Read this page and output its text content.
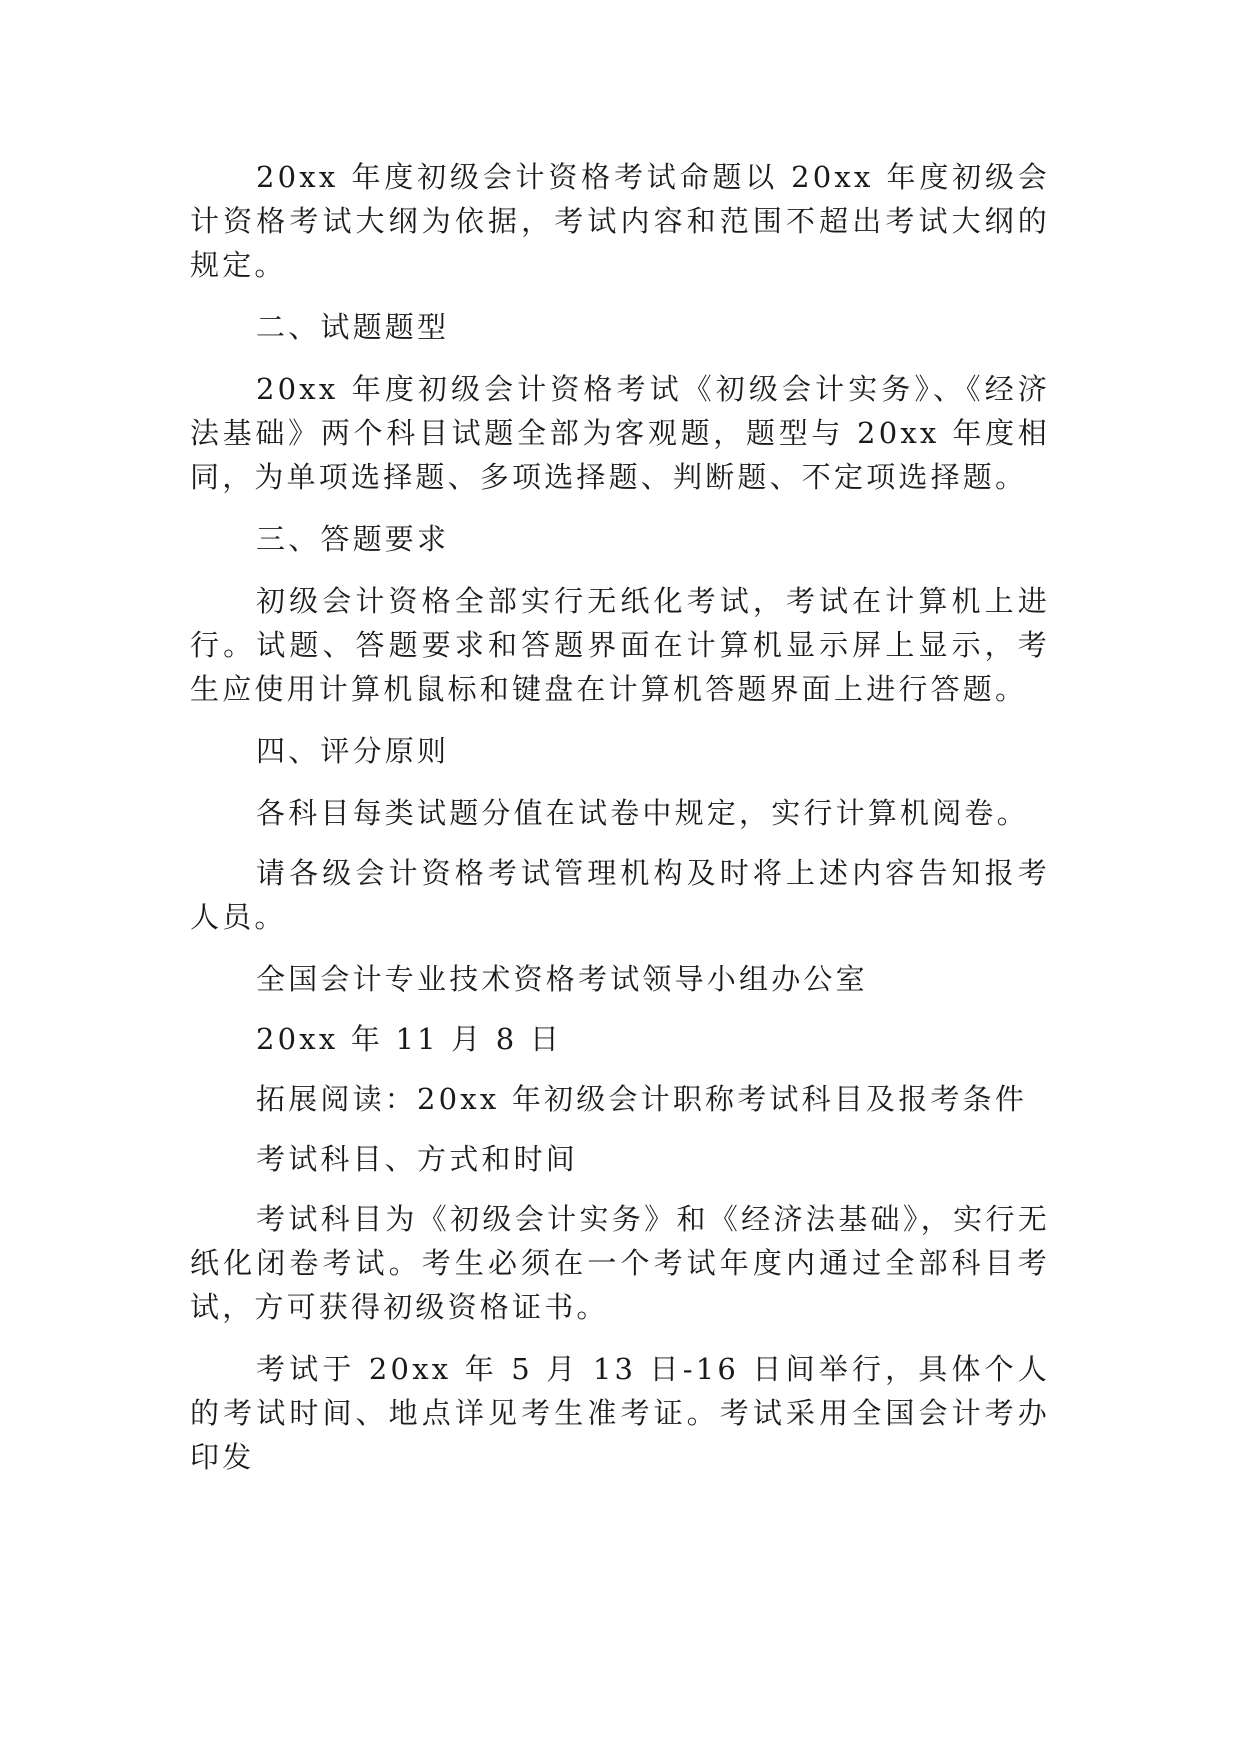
20xx 年度初级会计资格考试命题以 20xx 年度初级会计资格考试大纲为依据，考试内容和范围不超出考试大纲的规定。

二、试题题型

20xx 年度初级会计资格考试《初级会计实务》、《经济法基础》两个科目试题全部为客观题，题型与 20xx 年度相同，为单项选择题、多项选择题、判断题、不定项选择题。

三、答题要求

初级会计资格全部实行无纸化考试，考试在计算机上进行。试题、答题要求和答题界面在计算机显示屏上显示，考生应使用计算机鼠标和键盘在计算机答题界面上进行答题。

四、评分原则

各科目每类试题分值在试卷中规定，实行计算机阅卷。

请各级会计资格考试管理机构及时将上述内容告知报考人员。

全国会计专业技术资格考试领导小组办公室

20xx 年 11 月 8 日

拓展阅读：20xx 年初级会计职称考试科目及报考条件

考试科目、方式和时间

考试科目为《初级会计实务》和《经济法基础》，实行无纸化闭卷考试。考生必须在一个考试年度内通过全部科目考试，方可获得初级资格证书。

考试于 20xx 年 5 月 13 日-16 日间举行，具体个人的考试时间、地点详见考生准考证。考试采用全国会计考办印发
